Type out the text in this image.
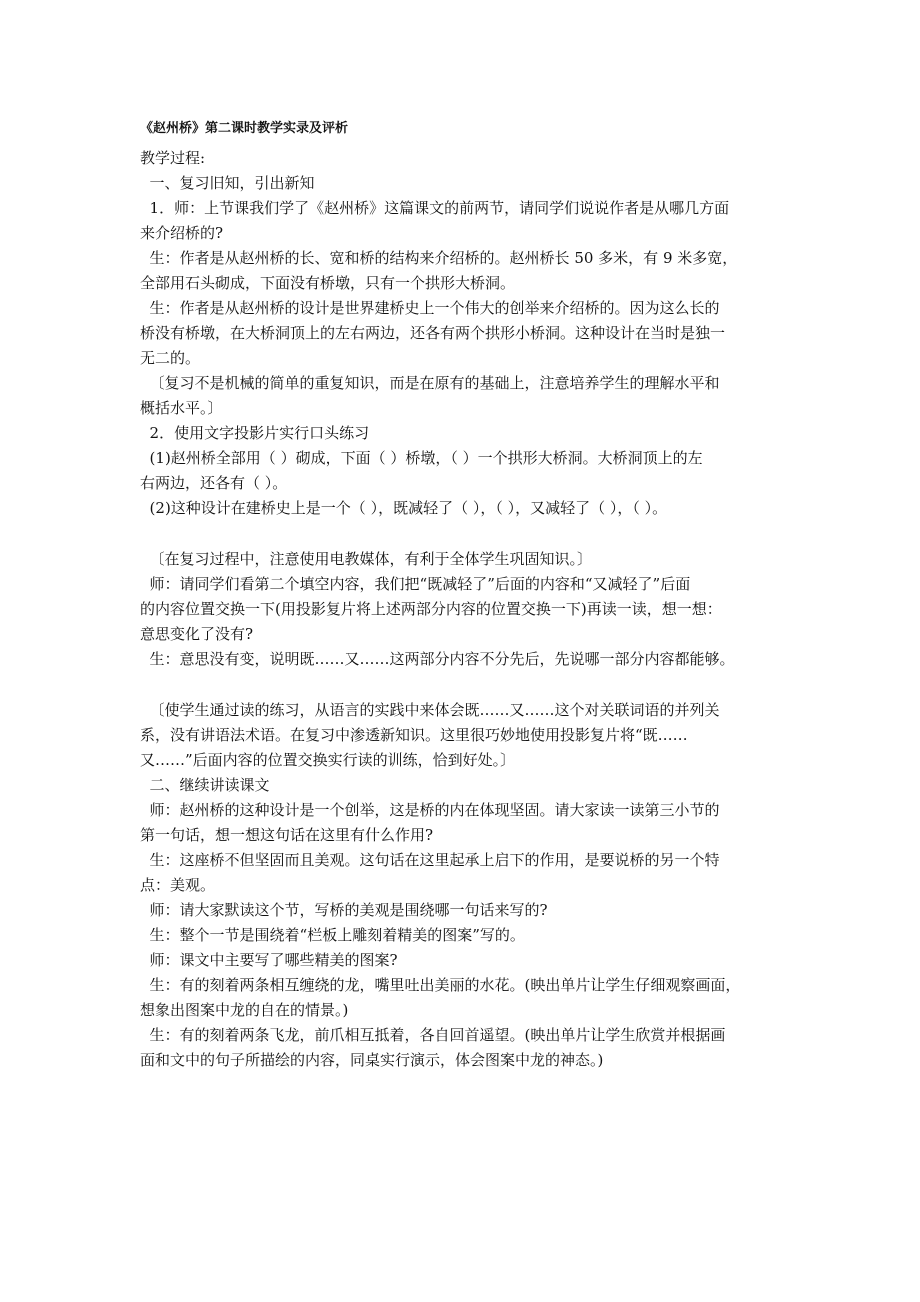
《赵州桥》第二课时教学实录及评析

教学过程:

一、复习旧知，引出新知

1．师：上节课我们学了《赵州桥》这篇课文的前两节，请同学们说说作者是从哪几方面

来介绍桥的?

生：作者是从赵州桥的长、宽和桥的结构来介绍桥的。赵州桥长 50 多米，有 9 米多宽，

全部用石头砌成，下面没有桥墩，只有一个拱形大桥洞。

生：作者是从赵州桥的设计是世界建桥史上一个伟大的创举来介绍桥的。因为这么长的

桥没有桥墩，在大桥洞顶上的左右两边，还各有两个拱形小桥洞。这种设计在当时是独一

无二的。

〔复习不是机械的简单的重复知识，而是在原有的基础上，注意培养学生的理解水平和

概括水平。〕

2．使用文字投影片实行口头练习

(1)赵州桥全部用（ ）砌成，下面（ ）桥墩，（ ）一个拱形大桥洞。大桥洞顶上的左

右两边，还各有（ ）。

(2)这种设计在建桥史上是一个（ ），既减轻了（ ），（ ），又减轻了（ ），（ ）。

〔在复习过程中，注意使用电教媒体，有利于全体学生巩固知识。〕

师：请同学们看第二个填空内容，我们把“既减轻了”后面的内容和“又减轻了”后面

的内容位置交换一下(用投影复片将上述两部分内容的位置交换一下)再读一读，想一想：

意思变化了没有?

生：意思没有变，说明既……又……这两部分内容不分先后，先说哪一部分内容都能够。

〔使学生通过读的练习，从语言的实践中来体会既……又……这个对关联词语的并列关

系，没有讲语法术语。在复习中渗透新知识。这里很巧妙地使用投影复片将“既……

又……”后面内容的位置交换实行读的训练，恰到好处。〕

二、继续讲读课文

师：赵州桥的这种设计是一个创举，这是桥的内在体现坚固。请大家读一读第三小节的

第一句话，想一想这句话在这里有什么作用?

生：这座桥不但坚固而且美观。这句话在这里起承上启下的作用，是要说桥的另一个特

点：美观。

师：请大家默读这个节，写桥的美观是围绕哪一句话来写的?

生：整个一节是围绕着“栏板上雕刻着精美的图案”写的。

师：课文中主要写了哪些精美的图案?

生：有的刻着两条相互缠绕的龙，嘴里吐出美丽的水花。(映出单片让学生仔细观察画面，

想象出图案中龙的自在的情景。)

生：有的刻着两条飞龙，前爪相互抵着，各自回首遥望。(映出单片让学生欣赏并根据画

面和文中的句子所描绘的内容，同桌实行演示，体会图案中龙的神态。)
